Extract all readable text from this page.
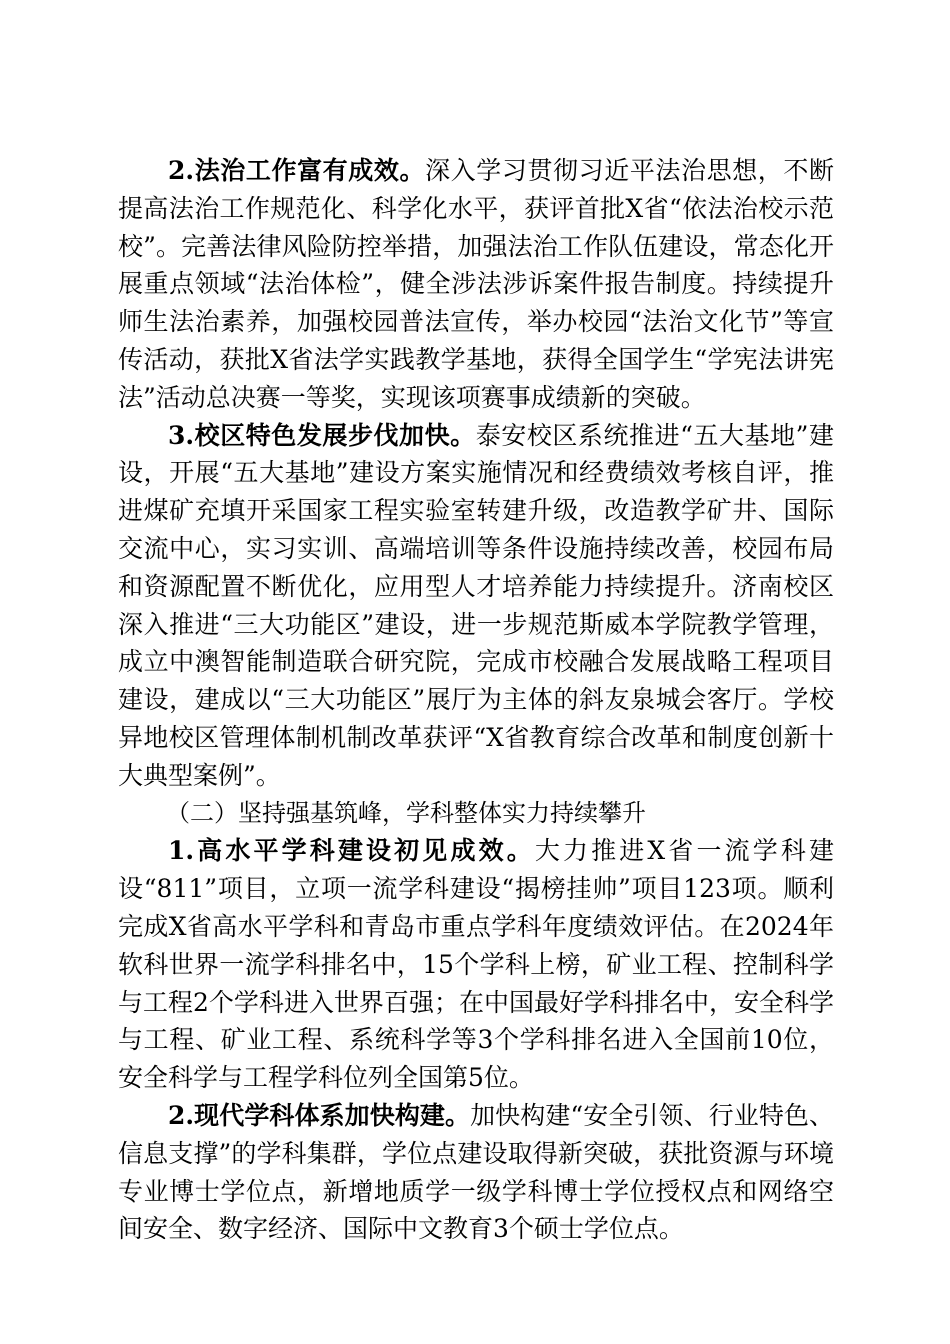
2.法治工作富有成效。深入学习贯彻习近平法治思想，不断提高法治工作规范化、科学化水平，获评首批X省“依法治校示范校”。完善法律风险防控举措，加强法治工作队伍建设，常态化开展重点领域“法治体检”，健全涉法涉诉案件报告制度。持续提升师生法治素养，加强校园普法宣传，举办校园“法治文化节”等宣传活动，获批X省法学实践教学基地，获得全国学生“学宪法讲宪法”活动总决赛一等奖，实现该项赛事成绩新的突破。

3.校区特色发展步伐加快。泰安校区系统推进“五大基地”建设，开展“五大基地”建设方案实施情况和经费绩效考核自评，推进煤矿充填开采国家工程实验室转建升级，改造教学矿井、国际交流中心，实习实训、高端培训等条件设施持续改善，校园布局和资源配置不断优化，应用型人才培养能力持续提升。济南校区深入推进“三大功能区”建设，进一步规范斯威本学院教学管理，成立中澳智能制造联合研究院，完成市校融合发展战略工程项目建设，建成以“三大功能区”展厅为主体的斜友泉城会客厅。学校异地校区管理体制机制改革获评“X省教育综合改革和制度创新十大典型案例”。

（二）坚持强基筑峰，学科整体实力持续攀升

1.高水平学科建设初见成效。大力推进X省一流学科建设“811”项目，立项一流学科建设“揭榜挂帅”项目123项。顺利完成X省高水平学科和青岛市重点学科年度绩效评估。在2024年软科世界一流学科排名中，15个学科上榜，矿业工程、控制科学与工程2个学科进入世界百强；在中国最好学科排名中，安全科学与工程、矿业工程、系统科学等3个学科排名进入全国前10位，安全科学与工程学科位列全国第5位。

2.现代学科体系加快构建。加快构建“安全引领、行业特色、信息支撑”的学科集群，学位点建设取得新突破，获批资源与环境专业博士学位点，新增地质学一级学科博士学位授权点和网络空间安全、数字经济、国际中文教育3个硕士学位点。
